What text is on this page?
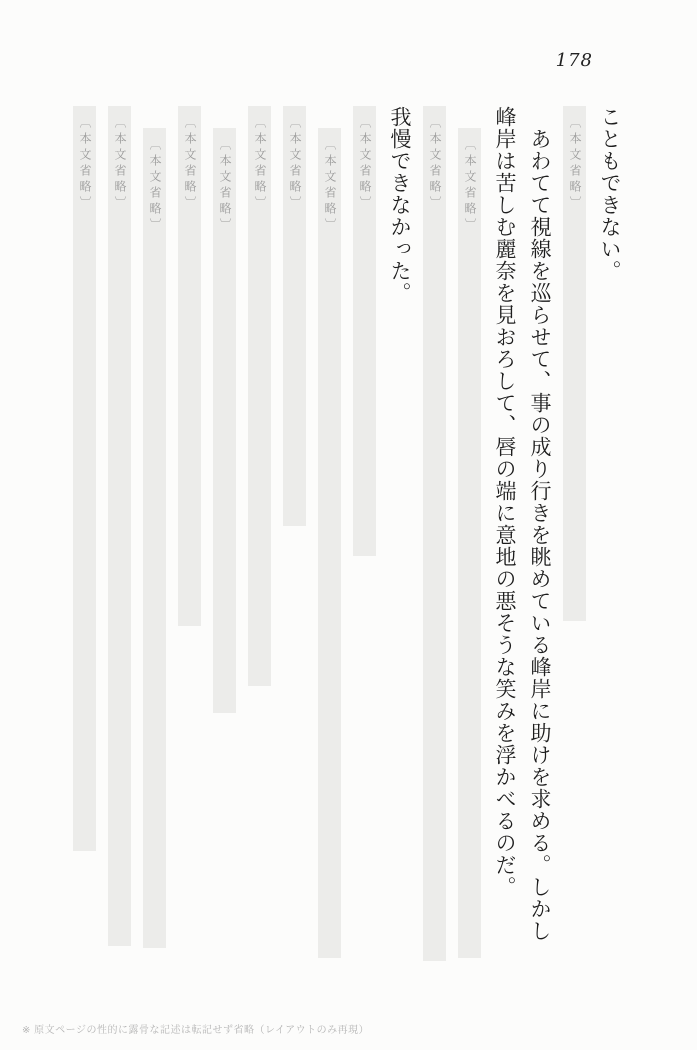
178

こともできない。

〔本文省略〕

あわてて視線を巡らせて、事の成り行きを眺めている峰岸に助けを求める。しかし

峰岸は苦しむ麗奈を見おろして、唇の端に意地の悪そうな笑みを浮かべるのだ。

〔本文省略〕

〔本文省略〕

我慢できなかった。

〔本文省略〕

〔本文省略〕

〔本文省略〕

〔本文省略〕

〔本文省略〕

〔本文省略〕

〔本文省略〕

〔本文省略〕

〔本文省略〕

※ 原文ページの性的に露骨な記述は転記せず省略（レイアウトのみ再現）
